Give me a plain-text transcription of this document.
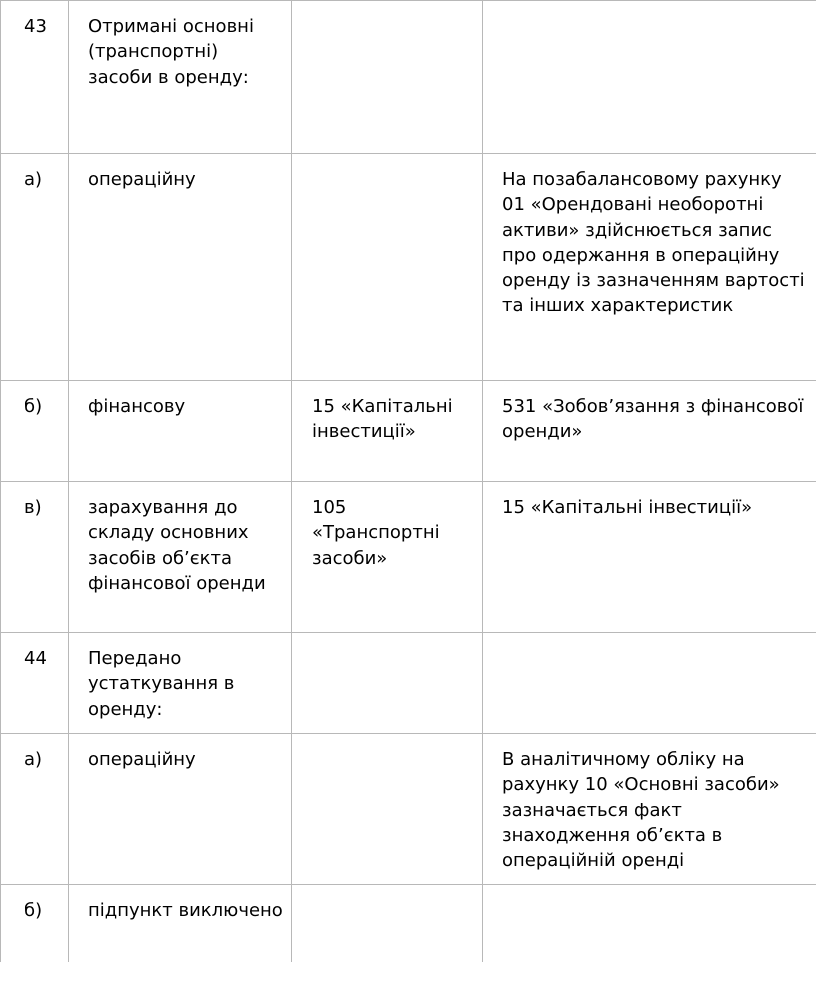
43	Отримані основні (транспортні) засоби в оренду:		

а)	операційну		На позабалансовому рахунку 01 «Орендовані необоротні активи» здійснюється запис про одержання в операційну оренду із зазначенням вартості та інших характеристик

б)	фінансову	15 «Капітальні інвестиції»	531 «Зобов’язання з фінансової оренди»

в)	зарахування до складу основних засобів об’єкта фінансової оренди	105 «Транспортні засоби»	15 «Капітальні інвестиції»

44	Передано устаткування в оренду:		

а)	операційну		В аналітичному обліку на рахунку 10 «Основні засоби» зазначається факт знаходження об’єкта в операційній оренді

б)	підпункт виключено		
